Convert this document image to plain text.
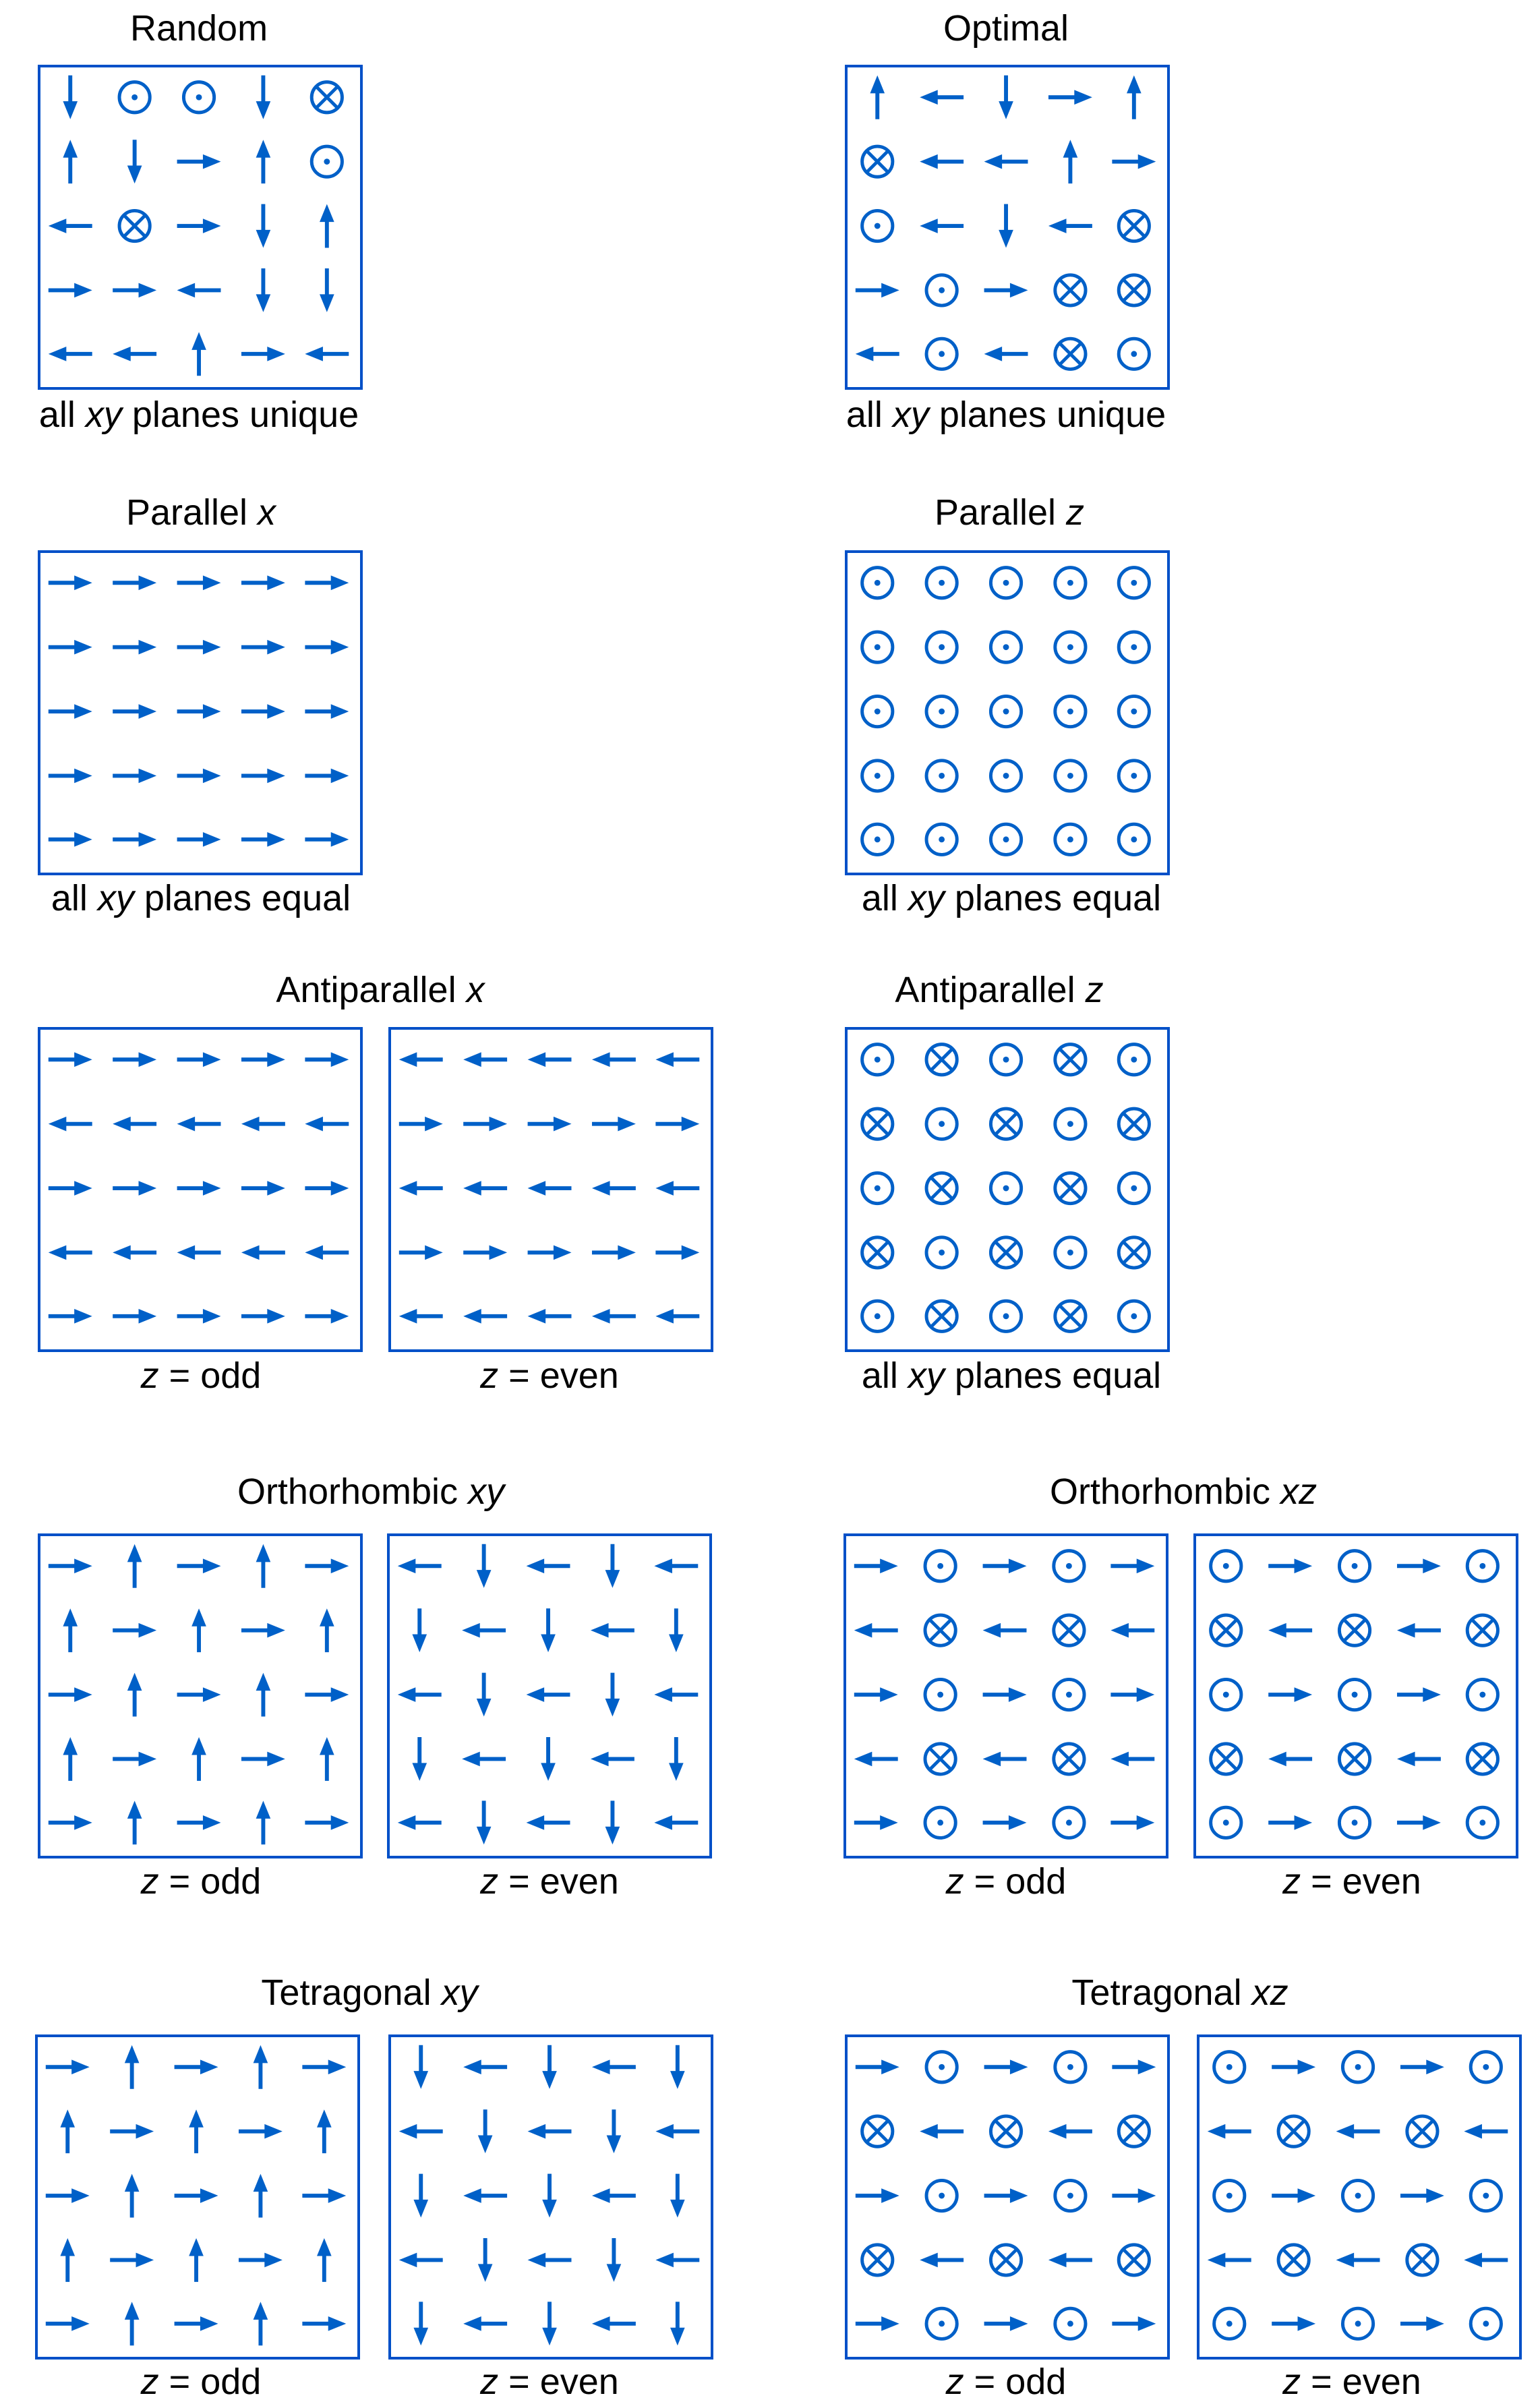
Random
all xy planes unique
Optimal
all xy planes unique
Parallel x
all xy planes equal
Parallel z
all xy planes equal
Antiparallel x
z = odd	z = even
Antiparallel z
all xy planes equal
Orthorhombic xy
z = odd	z = even
Orthorhombic xz
z = odd	z = even
Tetragonal xy
z = odd	z = even
Tetragonal xz
z = odd	z = even
